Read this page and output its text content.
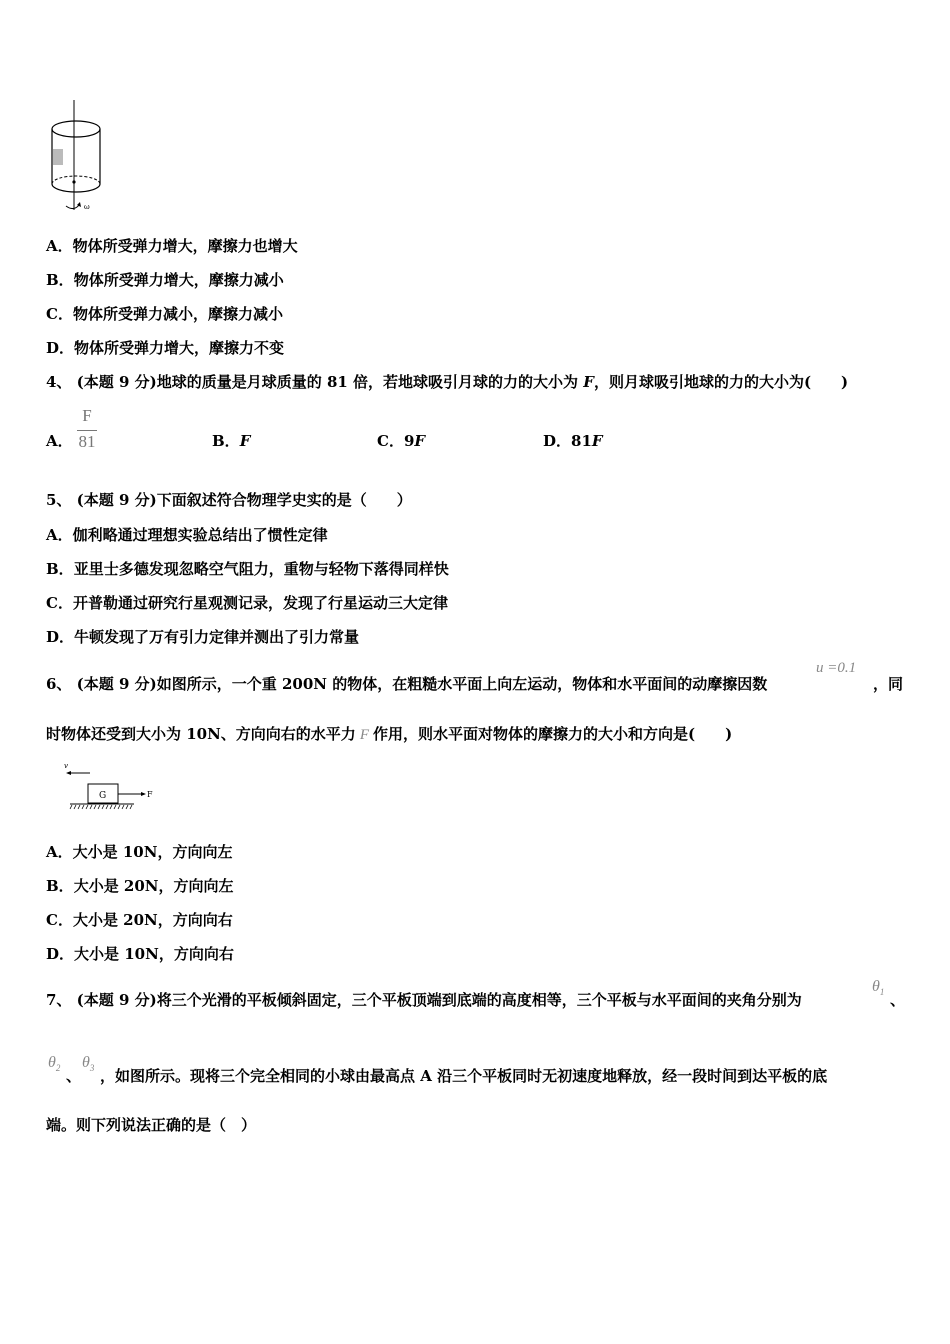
ω
A．物体所受弹力增大，摩擦力也增大
B．物体所受弹力增大，摩擦力减小
C．物体所受弹力减小，摩擦力减小
D．物体所受弹力增大，摩擦力不变
4、 (本题 9 分)地球的质量是月球质量的 81 倍，若地球吸引月球的力的大小为 F，则月球吸引地球的力的大小为(　　)
A．
F
81	B．F	C．9F	D．81F
5、 (本题 9 分)下面叙述符合物理学史实的是（　　）
A．伽利略通过理想实验总结出了惯性定律
B．亚里士多德发现忽略空气阻力，重物与轻物下落得同样快
C．开普勒通过研究行星观测记录，发现了行星运动三大定律
D．牛顿发现了万有引力定律并测出了引力常量
6、 (本题 9 分)如图所示，一个重 200N 的物体，在粗糙水平面上向左运动，物体和水平面间的动摩擦因数
u =0.1
，同
时物体还受到大小为 10N、方向向右的水平力 F 作用，则水平面对物体的摩擦力的大小和方向是(　　)
v
G	F
A．大小是 10N，方向向左
B．大小是 20N，方向向左
C．大小是 20N，方向向右
D．大小是 10N，方向向右
7、 (本题 9 分)将三个光滑的平板倾斜固定，三个平板顶端到底端的高度相等，三个平板与水平面间的夹角分别为
$\theta_1$ 、
$\theta_2$ 、
$\theta_3$ ，如图所示。现将三个完全相同的小球由最高点 A 沿三个平板同时无初速度地释放，经一段时间到达平板的底
端。则下列说法正确的是（　）
